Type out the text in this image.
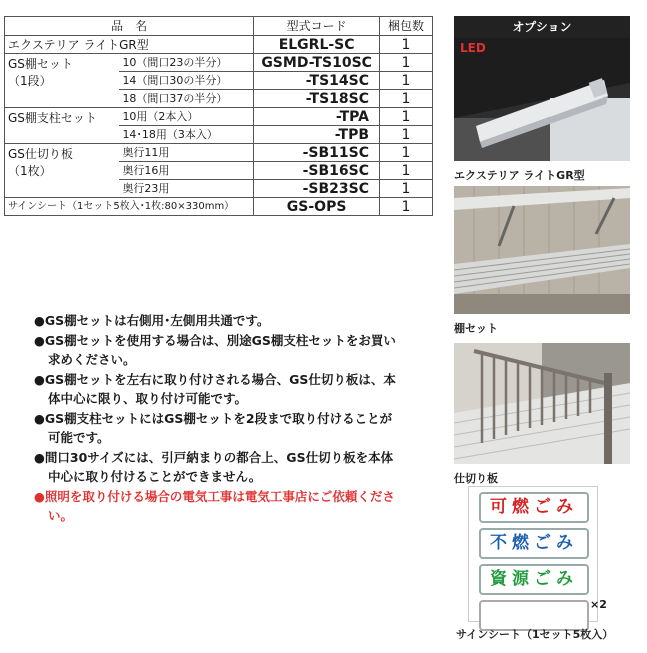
品　名		型式コード	梱包数
エクステリア ライトGR型		ELGRL-SC	1

GS棚セット
（1段）	10（間口23の半分）	GSMD-TS10SC	1
	14（間口30の半分）	-TS14SC	1
	18（間口37の半分）	-TS18SC	1

GS棚支柱セット	10用（2本入）	-TPA	1
	14･18用（3本入）	-TPB	1

GS仕切り板
（1枚）	奥行11用	-SB11SC	1
	奥行16用	-SB16SC	1
	奥行23用	-SB23SC	1
サインシート（1セット5枚入･1枚:80×330mm）		GS-OPS	1

●GS棚セットは右側用･左側用共通です。

●GS棚セットを使用する場合は、別途GS棚支柱セットをお買い求めください。

●GS棚セットを左右に取り付けされる場合、GS仕切り板は、本体中心に限り、取り付け可能です。

●GS棚支柱セットにはGS棚セットを2段まで取り付けることが可能です。

●間口30サイズには、引戸納まりの都合上、GS仕切り板を本体中心に取り付けることができません。

●照明を取り付ける場合の電気工事は電気工事店にご依頼ください。

オプション
LED
エクステリア ライトGR型
棚セット
仕切り板
可燃ごみ
不燃ごみ
資源ごみ
×2
サインシート（1セット5枚入）
